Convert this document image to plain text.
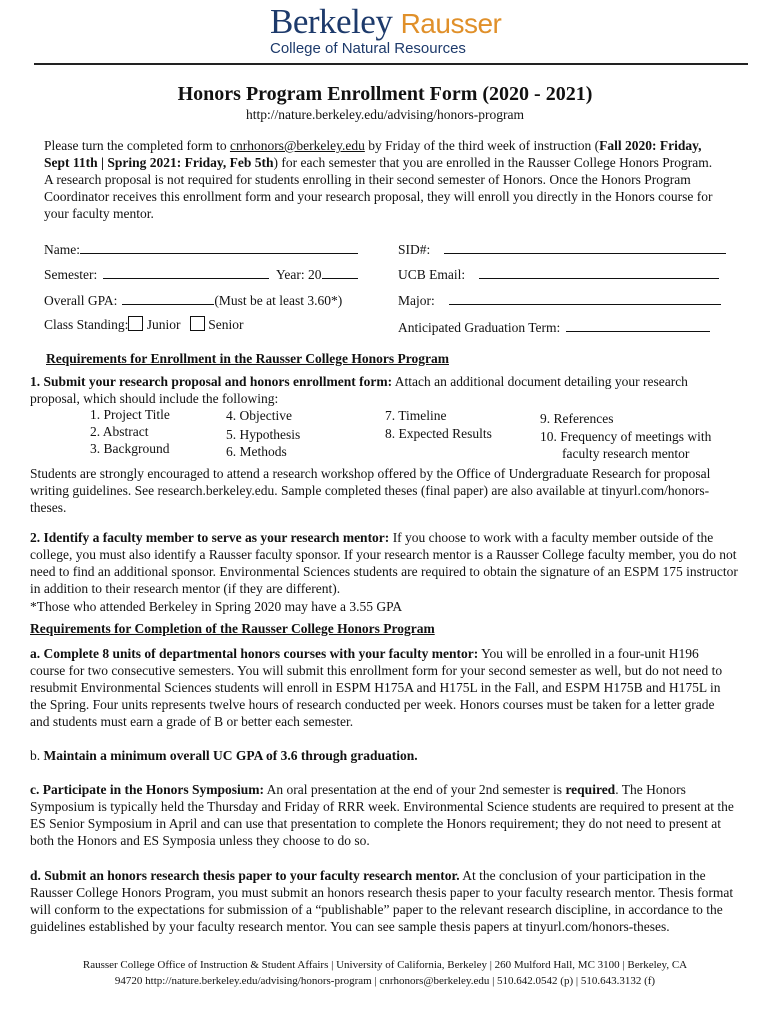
Berkeley Rausser
College of Natural Resources
Honors Program Enrollment Form (2020 - 2021)
http://nature.berkeley.edu/advising/honors-program
Please turn the completed form to cnrhonors@berkeley.edu by Friday of the third week of instruction (Fall 2020: Friday, Sept 11th | Spring 2021: Friday, Feb 5th) for each semester that you are enrolled in the Rausser College Honors Program. A research proposal is not required for students enrolling in their second semester of Honors. Once the Honors Program Coordinator receives this enrollment form and your research proposal, they will enroll you directly in the Honors course for your faculty mentor.
Name:	SID#:
Semester:	Year: 20	UCB Email:
Overall GPA:	(Must be at least 3.60*)	Major:
Class Standing: Junior Senior	Anticipated Graduation Term:
Requirements for Enrollment in the Rausser College Honors Program
1. Submit your research proposal and honors enrollment form: Attach an additional document detailing your research proposal, which should include the following:
1. Project Title
2. Abstract
3. Background
4. Objective
5. Hypothesis
6. Methods
7. Timeline
8. Expected Results
9. References
10. Frequency of meetings with
faculty research mentor
Students are strongly encouraged to attend a research workshop offered by the Office of Undergraduate Research for proposal writing guidelines. See research.berkeley.edu. Sample completed theses (final paper) are also available at tinyurl.com/honors-theses.
2. Identify a faculty member to serve as your research mentor: If you choose to work with a faculty member outside of the college, you must also identify a Rausser faculty sponsor. If your research mentor is a Rausser College faculty member, you do not need to find an additional sponsor. Environmental Sciences students are required to obtain the signature of an ESPM 175 instructor in addition to their research mentor (if they are different).
*Those who attended Berkeley in Spring 2020 may have a 3.55 GPA
Requirements for Completion of the Rausser College Honors Program
a. Complete 8 units of departmental honors courses with your faculty mentor: You will be enrolled in a four-unit H196 course for two consecutive semesters. You will submit this enrollment form for your second semester as well, but do not need to resubmit Environmental Sciences students will enroll in ESPM H175A and H175L in the Fall, and ESPM H175B and H175L in the Spring. Four units represents twelve hours of research conducted per week. Honors courses must be taken for a letter grade and students must earn a grade of B or better each semester.
b. Maintain a minimum overall UC GPA of 3.6 through graduation.
c. Participate in the Honors Symposium: An oral presentation at the end of your 2nd semester is required. The Honors Symposium is typically held the Thursday and Friday of RRR week. Environmental Science students are required to present at the ES Senior Symposium in April and can use that presentation to complete the Honors requirement; they do not need to present at both the Honors and ES Symposia unless they choose to do so.
d. Submit an honors research thesis paper to your faculty research mentor. At the conclusion of your participation in the Rausser College Honors Program, you must submit an honors research thesis paper to your faculty research mentor. Thesis format will conform to the expectations for submission of a “publishable” paper to the relevant research discipline, in accordance to the guidelines established by your faculty research mentor. You can see sample thesis papers at tinyurl.com/honors-theses.
Rausser College Office of Instruction & Student Affairs | University of California, Berkeley | 260 Mulford Hall, MC 3100 | Berkeley, CA
94720 http://nature.berkeley.edu/advising/honors-program | cnrhonors@berkeley.edu | 510.642.0542 (p) | 510.643.3132 (f)
